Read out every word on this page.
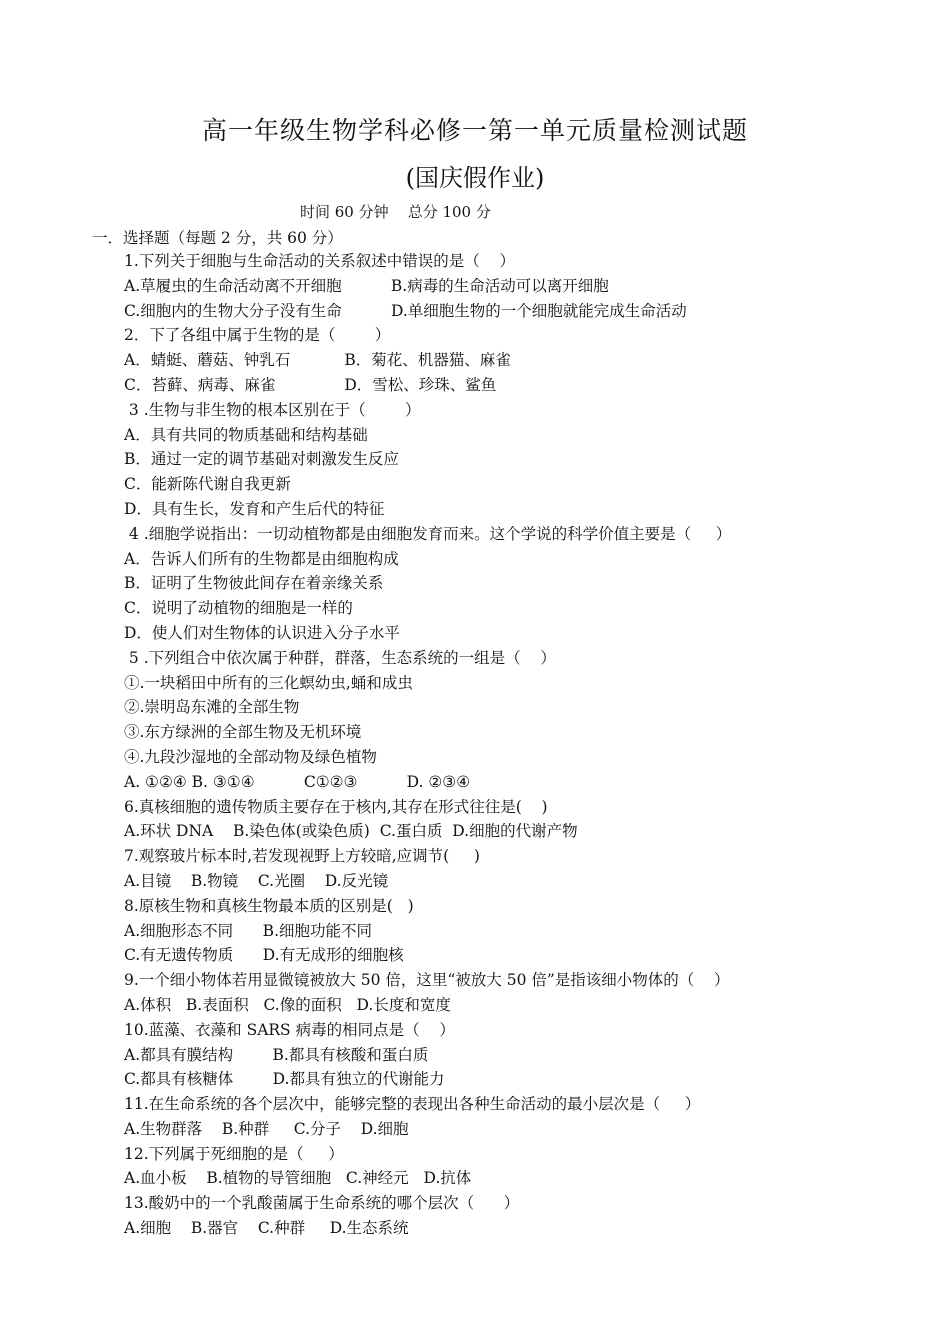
高一年级生物学科必修一第一单元质量检测试题
(国庆假作业)
时间 60 分钟    总分 100 分
一．选择题（每题 2 分，共 60 分）
1.下列关于细胞与生命活动的关系叙述中错误的是（    ）
A.草履虫的生命活动离不开细胞          B.病毒的生命活动可以离开细胞
C.细胞内的生物大分子没有生命          D.单细胞生物的一个细胞就能完成生命活动
2．下了各组中属于生物的是（        ）
A．蜻蜓、蘑菇、钟乳石           B．菊花、机器猫、麻雀
C．苔藓、病毒、麻雀              D．雪松、珍珠、鲨鱼
3 .生物与非生物的根本区别在于（        ）
A．具有共同的物质基础和结构基础
B．通过一定的调节基础对刺激发生反应
C．能新陈代谢自我更新
D．具有生长，发育和产生后代的特征
4 .细胞学说指出：一切动植物都是由细胞发育而来。这个学说的科学价值主要是（     ）
A．告诉人们所有的生物都是由细胞构成
B．证明了生物彼此间存在着亲缘关系
C．说明了动植物的细胞是一样的
D．使人们对生物体的认识进入分子水平
5 .下列组合中依次属于种群，群落，生态系统的一组是（    ）
①.一块稻田中所有的三化螟幼虫,蛹和成虫
②.崇明岛东滩的全部生物
③.东方绿洲的全部生物及无机环境
④.九段沙湿地的全部动物及绿色植物
A. ①②④ B. ③①④          C①②③          D. ②③④
6.真核细胞的遗传物质主要存在于核内,其存在形式往往是(    )
A.环状 DNA    B.染色体(或染色质)  C.蛋白质  D.细胞的代谢产物
7.观察玻片标本时,若发现视野上方较暗,应调节(     )
A.目镜    B.物镜    C.光圈    D.反光镜
8.原核生物和真核生物最本质的区别是(   )
A.细胞形态不同      B.细胞功能不同
C.有无遗传物质      D.有无成形的细胞核
9.一个细小物体若用显微镜被放大 50 倍，这里“被放大 50 倍”是指该细小物体的（    ）
A.体积   B.表面积   C.像的面积   D.长度和宽度
10.蓝藻、衣藻和 SARS 病毒的相同点是（    ）
A.都具有膜结构        B.都具有核酸和蛋白质
C.都具有核糖体        D.都具有独立的代谢能力
11.在生命系统的各个层次中，能够完整的表现出各种生命活动的最小层次是（     ）
A.生物群落    B.种群     C.分子    D.细胞
12.下列属于死细胞的是（     ）
A.血小板    B.植物的导管细胞   C.神经元   D.抗体
13.酸奶中的一个乳酸菌属于生命系统的哪个层次（      ）
A.细胞    B.器官    C.种群     D.生态系统
